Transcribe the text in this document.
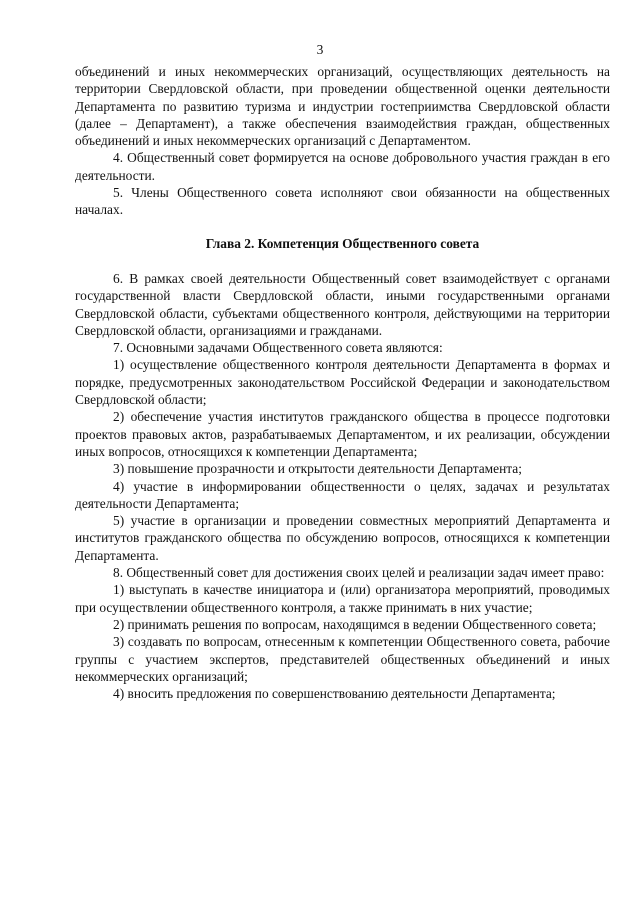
3

объединений и иных некоммерческих организаций, осуществляющих деятельность на территории Свердловской области, при проведении общественной оценки деятельности Департамента по развитию туризма и индустрии гостеприимства Свердловской области (далее – Департамент), а также обеспечения взаимодействия граждан, общественных объединений и иных некоммерческих организаций с Департаментом.

4. Общественный совет формируется на основе добровольного участия граждан в его деятельности.

5. Члены Общественного совета исполняют свои обязанности на общественных началах.

Глава 2. Компетенция Общественного совета

6. В рамках своей деятельности Общественный совет взаимодействует с органами государственной власти Свердловской области, иными государственными органами Свердловской области, субъектами общественного контроля, действующими на территории Свердловской области, организациями и гражданами.

7. Основными задачами Общественного совета являются:

1) осуществление общественного контроля деятельности Департамента в формах и порядке, предусмотренных законодательством Российской Федерации и законодательством Свердловской области;

2) обеспечение участия институтов гражданского общества в процессе подготовки проектов правовых актов, разрабатываемых Департаментом, и их реализации, обсуждении иных вопросов, относящихся к компетенции Департамента;

3) повышение прозрачности и открытости деятельности Департамента;

4) участие в информировании общественности о целях, задачах и результатах деятельности Департамента;

5) участие в организации и проведении совместных мероприятий Департамента и институтов гражданского общества по обсуждению вопросов, относящихся к компетенции Департамента.

8. Общественный совет для достижения своих целей и реализации задач имеет право:

1) выступать в качестве инициатора и (или) организатора мероприятий, проводимых при осуществлении общественного контроля, а также принимать в них участие;

2) принимать решения по вопросам, находящимся в ведении Общественного совета;

3) создавать по вопросам, отнесенным к компетенции Общественного совета, рабочие группы с участием экспертов, представителей общественных объединений и иных некоммерческих организаций;

4) вносить предложения по совершенствованию деятельности Департамента;
